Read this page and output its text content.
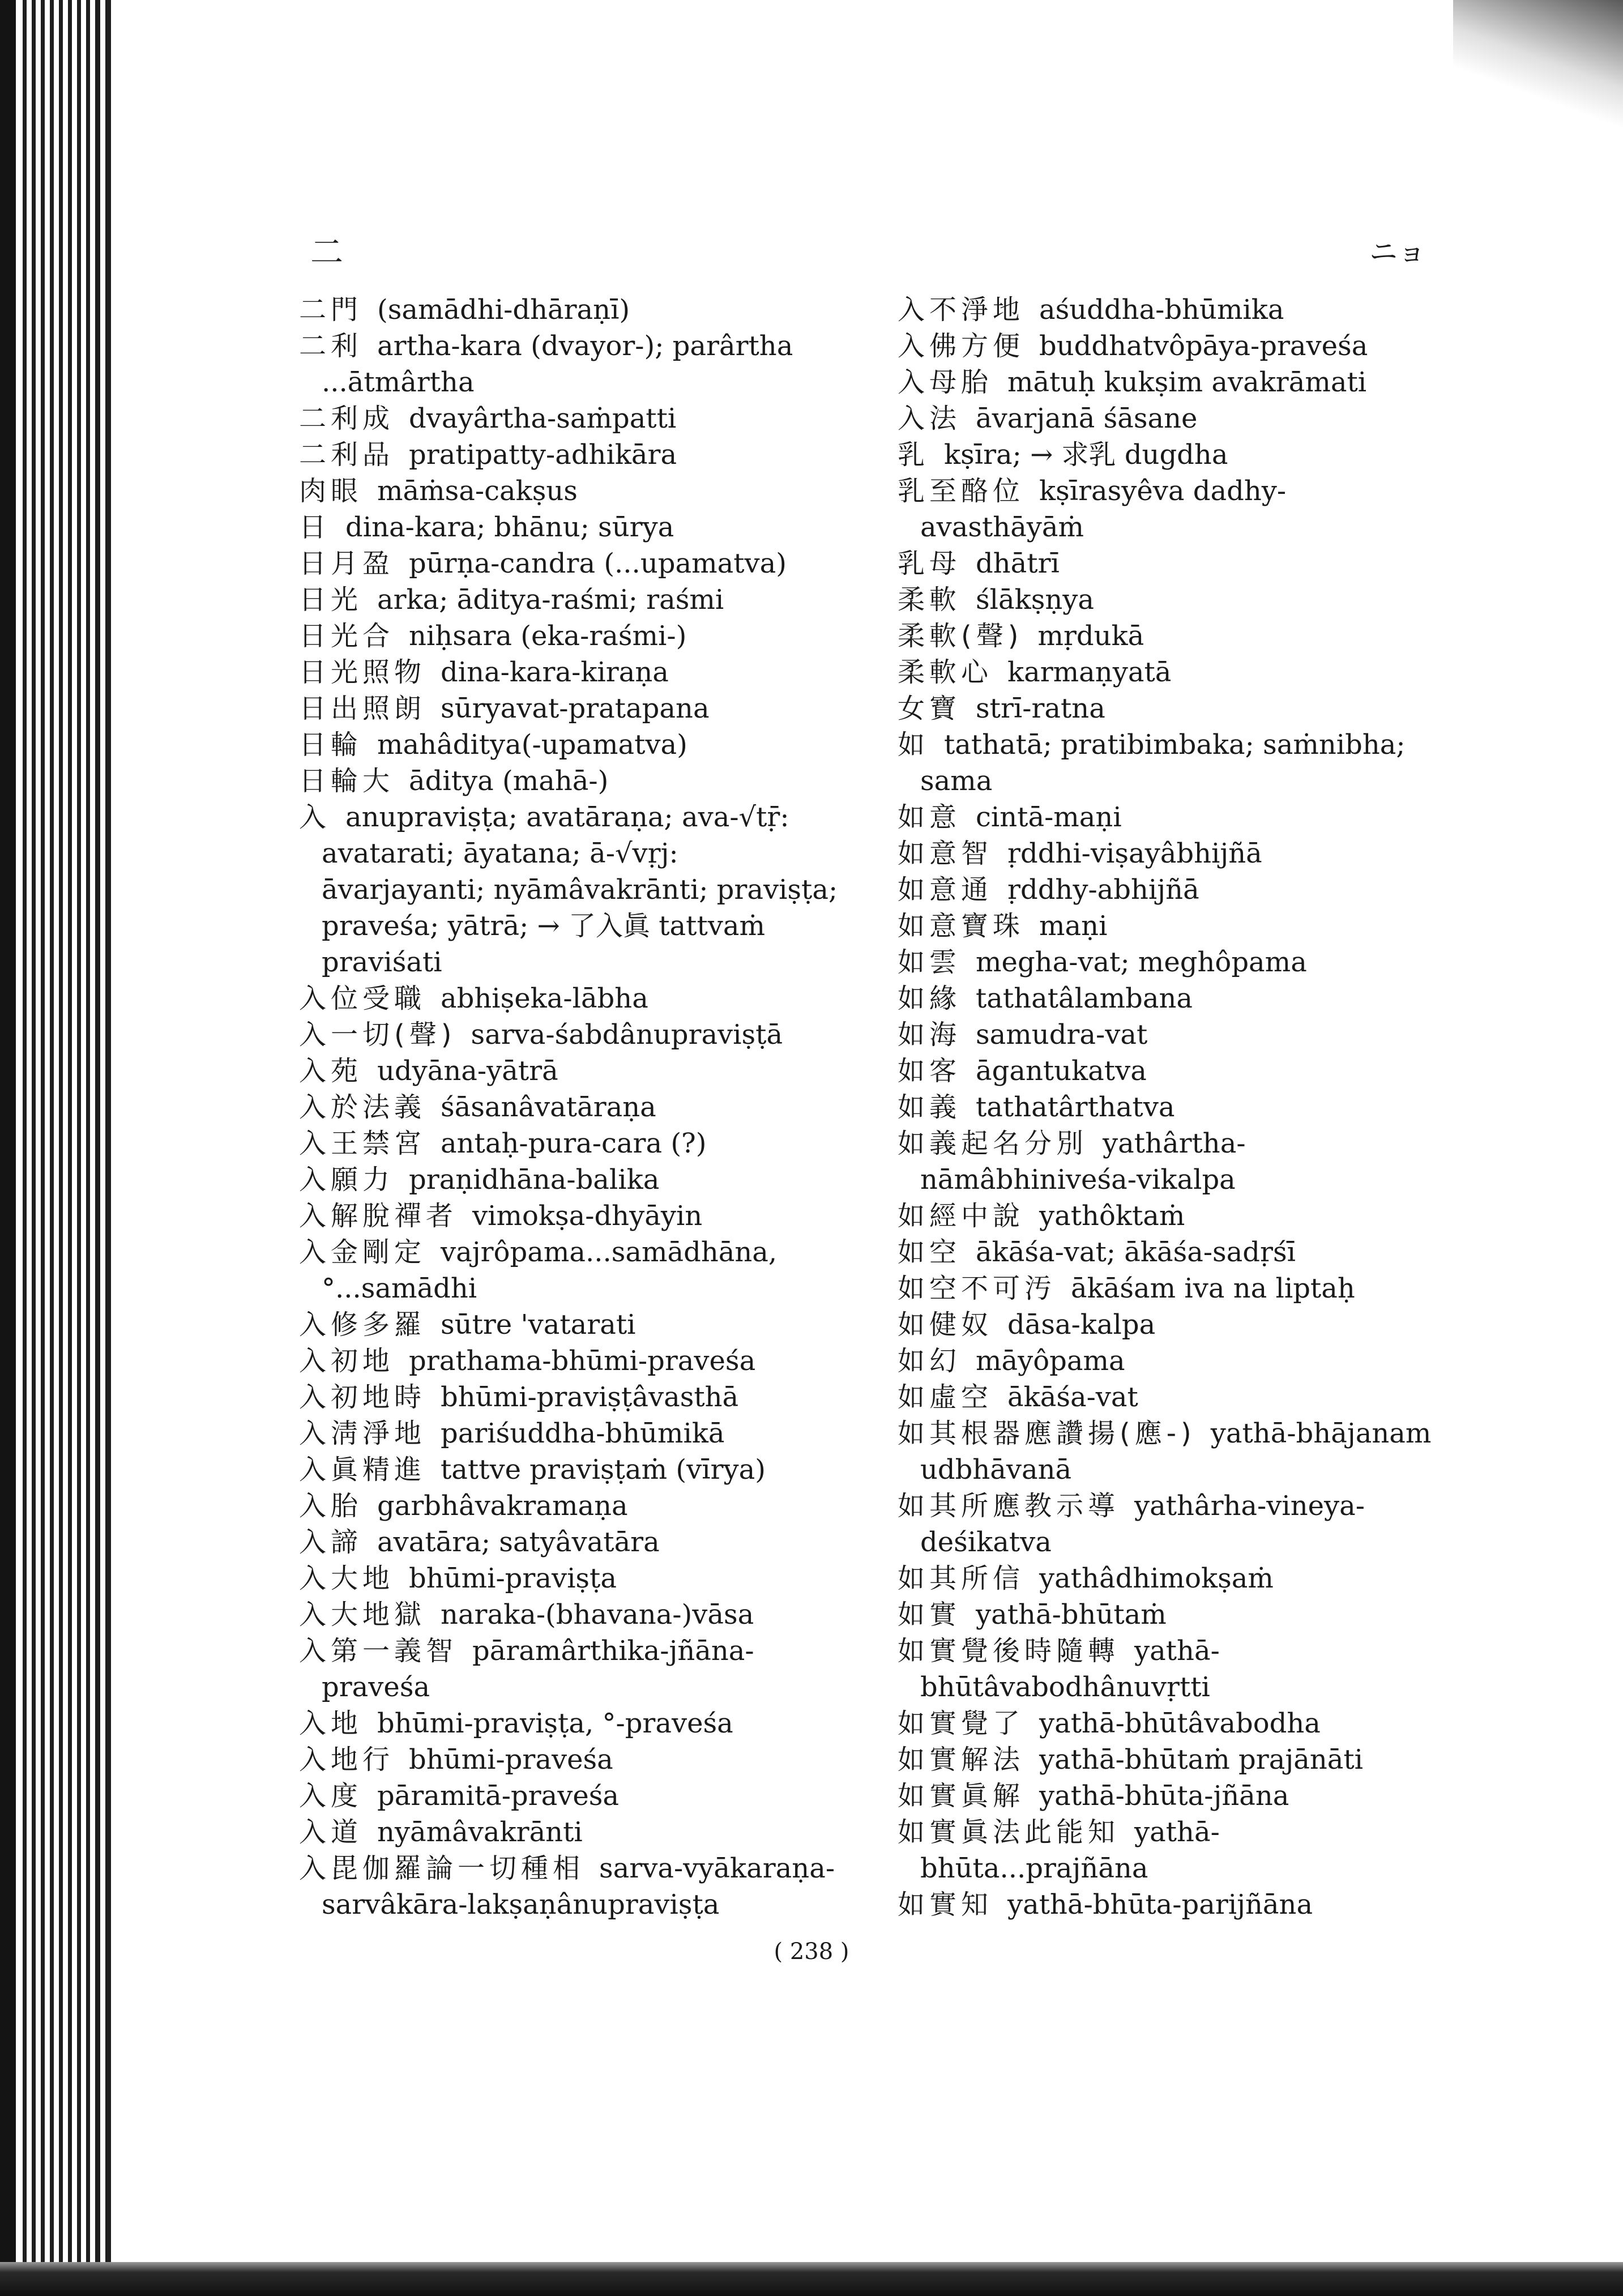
二	ニョ
二門 (samādhi-dhāraṇī)
二利 artha-kara (dvayor-); parârtha ...ātmârtha
二利成 dvayârtha-saṁpatti
二利品 pratipatty-adhikāra
肉眼 māṁsa-cakṣus
日 dina-kara; bhānu; sūrya
日月盈 pūrṇa-candra (...upamatva)
日光 arka; āditya-raśmi; raśmi
日光合 niḥsara (eka-raśmi-)
日光照物 dina-kara-kiraṇa
日出照朗 sūryavat-pratapana
日輪 mahâditya(-upamatva)
日輪大 āditya (mahā-)
入 anupraviṣṭa; avatāraṇa; ava-√tṝ: avatarati; āyatana; ā-√vṛj: āvarjayanti; nyāmâvakrānti; praviṣṭa; praveśa; yātrā; → 了入眞 tattvaṁ praviśati
入位受職 abhiṣeka-lābha
入一切(聲) sarva-śabdânupraviṣṭā
入苑 udyāna-yātrā
入於法義 śāsanâvatāraṇa
入王禁宮 antaḥ-pura-cara (?)
入願力 praṇidhāna-balika
入解脫禪者 vimokṣa-dhyāyin
入金剛定 vajrôpama...samādhāna, °...samādhi
入修多羅 sūtre 'vatarati
入初地 prathama-bhūmi-praveśa
入初地時 bhūmi-praviṣṭâvasthā
入淸淨地 pariśuddha-bhūmikā
入眞精進 tattve praviṣṭaṁ (vīrya)
入胎 garbhâvakramaṇa
入諦 avatāra; satyâvatāra
入大地 bhūmi-praviṣṭa
入大地獄 naraka-(bhavana-)vāsa
入第一義智 pāramârthika-jñāna-praveśa
入地 bhūmi-praviṣṭa, °-praveśa
入地行 bhūmi-praveśa
入度 pāramitā-praveśa
入道 nyāmâvakrānti
入毘伽羅論一切種相 sarva-vyākaraṇa-sarvâkāra-lakṣaṇânupraviṣṭa
入不淨地 aśuddha-bhūmika
入佛方便 buddhatvôpāya-praveśa
入母胎 mātuḥ kukṣim avakrāmati
入法 āvarjanā śāsane
乳 kṣīra; → 求乳 dugdha
乳至酪位 kṣīrasyêva dadhy-avasthāyāṁ
乳母 dhātrī
柔軟 ślākṣṇya
柔軟(聲) mṛdukā
柔軟心 karmaṇyatā
女寶 strī-ratna
如 tathatā; pratibimbaka; saṁnibha; sama
如意 cintā-maṇi
如意智 ṛddhi-viṣayâbhijñā
如意通 ṛddhy-abhijñā
如意寶珠 maṇi
如雲 megha-vat; meghôpama
如緣 tathatâlambana
如海 samudra-vat
如客 āgantukatva
如義 tathatârthatva
如義起名分別 yathârtha-nāmâbhiniveśa-vikalpa
如經中說 yathôktaṁ
如空 ākāśa-vat; ākāśa-sadṛśī
如空不可汚 ākāśam iva na liptaḥ
如健奴 dāsa-kalpa
如幻 māyôpama
如虛空 ākāśa-vat
如其根器應讚揚(應-) yathā-bhājanam udbhāvanā
如其所應教示導 yathârha-vineya-deśikatva
如其所信 yathâdhimokṣaṁ
如實 yathā-bhūtaṁ
如實覺後時隨轉 yathā-bhūtâvabodhânuvṛtti
如實覺了 yathā-bhūtâvabodha
如實解法 yathā-bhūtaṁ prajānāti
如實眞解 yathā-bhūta-jñāna
如實眞法此能知 yathā-bhūta...prajñāna
如實知 yathā-bhūta-parijñāna
( 238 )
